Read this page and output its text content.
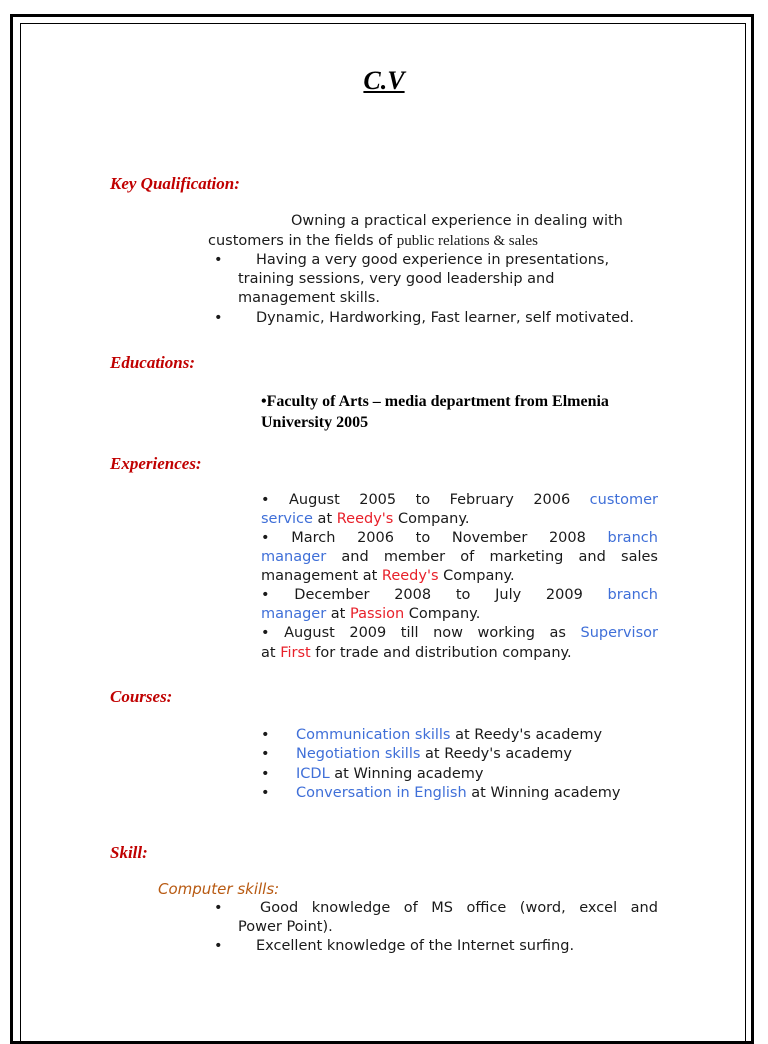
C.V
Key Qualification:
Owning a practical experience in dealing with
customers in the fields of public relations & sales
• Having a very good experience in presentations,
training sessions, very good leadership and
management skills.
• Dynamic, Hardworking, Fast learner, self motivated.
Educations:
•Faculty of Arts – media department from Elmenia
University 2005
Experiences:
• August 2005 to February 2006 customer
service at Reedy's Company.
• March 2006 to November 2008 branch
manager and member of marketing and sales
management at Reedy's Company.
• December 2008 to July 2009 branch
manager at Passion Company.
• August 2009 till now working as Supervisor
at First for trade and distribution company.
Courses:
• Communication skills at Reedy's academy
• Negotiation skills at Reedy's academy
• ICDL at Winning academy
• Conversation in English at Winning academy
Skill:
Computer skills:
•	Good knowledge of MS office (word, excel and
Power Point).
• Excellent knowledge of the Internet surfing.
